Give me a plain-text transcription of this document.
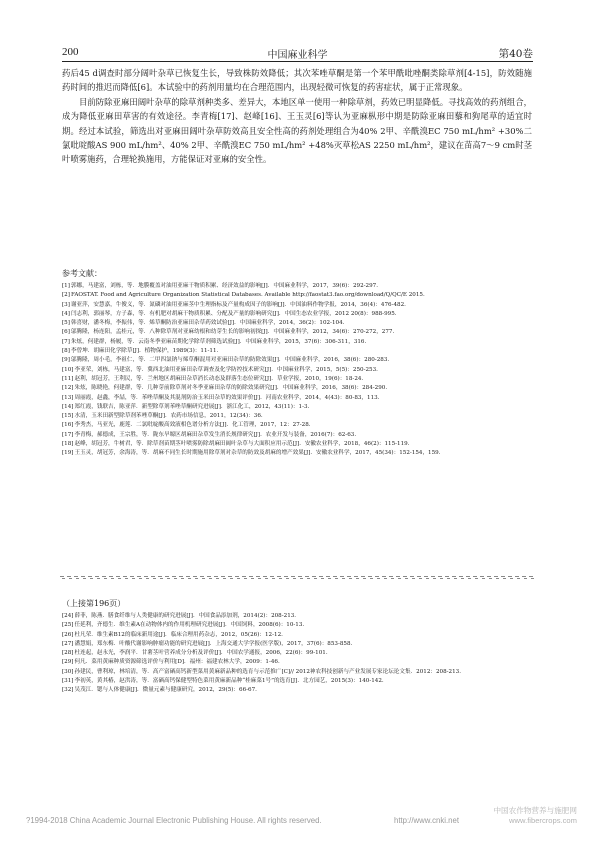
200	中国麻业科学	第40卷

药后45 d调查时部分阔叶杂草已恢复生长，导致株防效降低；其次苯唑草酮是第一个苯甲酰吡唑酮类除草剂[4-15]，防效随施药时间的推迟而降低[6]。本试验中的药剂用量均在合理范围内，出现轻微可恢复的药害症状，属于正常现象。

目前防除亚麻田阔叶杂草的除草剂种类多、差异大，本地区单一使用一种除草剂，药效已明显降低。寻找高效的药剂组合，成为降低亚麻田草害的有效途径。李青梅[17]、赵峰[16]、王玉灵[6]等认为亚麻枞形中期是防除亚麻田藜和狗尾草的适宜时期。经过本试验，筛选出对亚麻田阔叶杂草防效高且安全性高的药剂处理组合为40% 2甲、辛酰溴EC 750 mL/hm² +30%二氯吡啶酸AS 900 mL/hm²、40% 2甲、辛酰溴EC 750 mL/hm² +48%灭草松AS 2250 mL/hm²，建议在苗高7～9 cm时茎叶喷雾施药，合理轮换施用，方能保证对亚麻的安全性。

参考文献：
[1] 郭娜，马建富，刘栋，等．地膜覆盖对油用亚麻干物质积累、经济效益的影响[J]．中国麻业科学，2017，39(6)：292-297.
[2] FAOSTAT. Food and Agriculture Organization Statistical Databases. Available http://faostat3.fao.org/download/Q/QC/E 2015.
[3] 谢亚萍，安慧嘉，牛俊义，等．氮磷对油用亚麻茎中生理指标及产量构成因子的影响[J]．中国油料作物学报，2014，36(4)：476-482.
[4] 闫志利，郭丽琴，方子森，等．有机肥对胡麻干物质积累、分配及产量的影响研究[J]．中国生态农业学报，2012 20(8)：988-995.
[5] 韩喜财，潘冬梅，李振伟，等．烯草酮防治亚麻田杂草药效试验[J]．中国麻业科学，2014，36(2)：102-104.
[6] 邬腾隆，杨连阳，孟桂元，等．八种除草剂对亚麻幼根和幼芽生长的影响初探[J]．中国麻业科学，2012，34(6)：270-272，277.
[7] 朱炫，何建群，杨履，等．云南冬季亚麻苗期化学除草剂筛选试验[J]．中国麻业科学，2015，37(6)：306-311，316.
[8] 李曾坤．胡麻田化学除草[J]．植物保护，1989(3)：11-11.
[9] 邬腾隆，周小毛，李祖仁，等．二甲四氯钠与烯草酮混用对亚麻田杂草的防除效果[J]．中国麻业科学，2016，38(6)：280-283.
[10] 李亚荣，刘栋，马建富，等．冀西北油用亚麻田杂草调查及化学防控技术研究[J]．中国麻业科学，2015，5(5)：250-253.
[11] 赵利，胡冠芳，王利民，等．兰州地区胡麻田杂草消长动态及群落生态位研究[J]．草业学报，2010，19(6)：18-24.
[12] 朱炫，陈晓艳，何建群，等．几种芽前除草剂对冬季亚麻田杂草的防除效果研究[J]．中国麻业科学，2016，38(6)：284-290.
[13] 周丽霞，赵鑫，李喆，等．苯唑草酮及其混剂防治玉米田杂草的效果评价[J]．河南农业科学，2014，4(43)：80-83，113.
[14] 郑红霞，钱联吉，陈亚萍．新型除草剂苯唑草酮研究进展[J]．浙江化工，2012，43(11)：1-3.
[15] 水清，玉米田新型除草剂苯唑草酮[J]．农药市场信息，2011，12(34)：36.
[16] 李秀杰，马亚光，鹿莲．二氯吡啶酸高效液相色谱分析方法[J]．化工管理，2017，12：27-28.
[17] 李青梅，郝德成，王宗胜，等．陇东旱塬区胡麻田杂草发生消长规律研究[J]．农业开发与装备，2016(7)：62-63.
[18] 赵峰，胡冠芳，牛树君，等．除草剂苗期茎叶喷雾防除胡麻田阔叶杂草与大面积应用示范[J]．安徽农业科学，2018，46(2)：115-119.
[19] 王玉灵，胡冠芳，余海涛，等．胡麻不同生长时期施用除草剂对杂草的防效及胡麻的增产效果[J]．安徽农业科学，2017，45(34)：152-154，159.
（上接第196页）
[24] 薛菲，陈燕．膳食纤维与人类健康的研究进展[J]．中国食品添加剂，2014(2)：208-213.
[25] 任延利，齐德生．维生素A在动物体内的作用机理研究进展[J]．中国饲料，2008(6)：10-13.
[26] 杜凡荣．维生素B12的临床新用途[J]．临床合理用药杂志，2012，05(26)：12-12.
[27] 潘慧娟，郑东梅．叶酸代谢影响肿瘤功能的研究进展[J]．上海交通大学学报(医学版)，2017，37(6)：853-858.
[28] 杜连起，赵永光，李润平．甘薯茎叶营养成分分析及评价[J]．中国农学通报，2006，22(6)：99-101.
[29] 何凡．菜用黄麻种质资源筛选评价与利用[D]．福州：福建农林大学，2009：1-46.
[30] 孙建民，曹利琼，林培清，等．高产富硒高钙新型菜用黄麻新品种的选育与示范推广[C]// 2012神农科技创新与产业发展专家论坛论文集．2012：208-213.
[31] 李初英，黄其椿，赵洪涛，等．富硒高钙保健型特色菜用黄麻新品种“桂麻菜1号”的选育[J]．北方园艺，2015(3)：140-142.
[32] 吴茂江．锶与人体健康[J]．微量元素与健康研究，2012，29(5)：66-67.
?1994-2018 China Academic Journal Electronic Publishing House. All rights reserved.	http://www.cnki.net
中国农作物营养与施肥网
www.fibercrops.com
